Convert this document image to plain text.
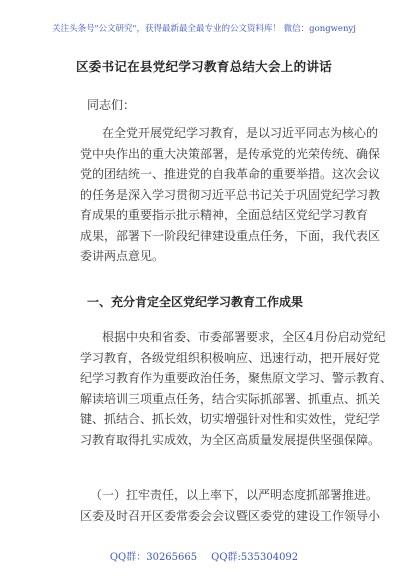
关注头条号"公文研究"，获得最新最全最专业的公文资料库！ 微信：gongwenyj
区委书记在县党纪学习教育总结大会上的讲话
同志们：
在全党开展党纪学习教育，是以习近平同志为核心的
党中央作出的重大决策部署，是传承党的光荣传统、确保
党的团结统一、推进党的自我革命的重要举措。这次会议
的任务是深入学习贯彻习近平总书记关于巩固党纪学习教
育成果的重要指示批示精神，全面总结区党纪学习教育
成果，部署下一阶段纪律建设重点任务，下面，我代表区
委讲两点意见。
一、充分肯定全区党纪学习教育工作成果
根据中央和省委、市委部署要求，全区4月份启动党纪
学习教育，各级党组织积极响应、迅速行动，把开展好党
纪学习教育作为重要政治任务，聚焦原文学习、警示教育、
解读培训三项重点任务，结合实际抓部署、抓重点、抓关
键、抓结合、抓长效，切实增强针对性和实效性，党纪学
习教育取得扎实成效，为全区高质量发展提供坚强保障。
（一）扛牢责任，以上率下，以严明态度抓部署推进。
区委及时召开区委常委会会议暨区委党的建设工作领导小
QQ群：30265665 QQ群:535304092
